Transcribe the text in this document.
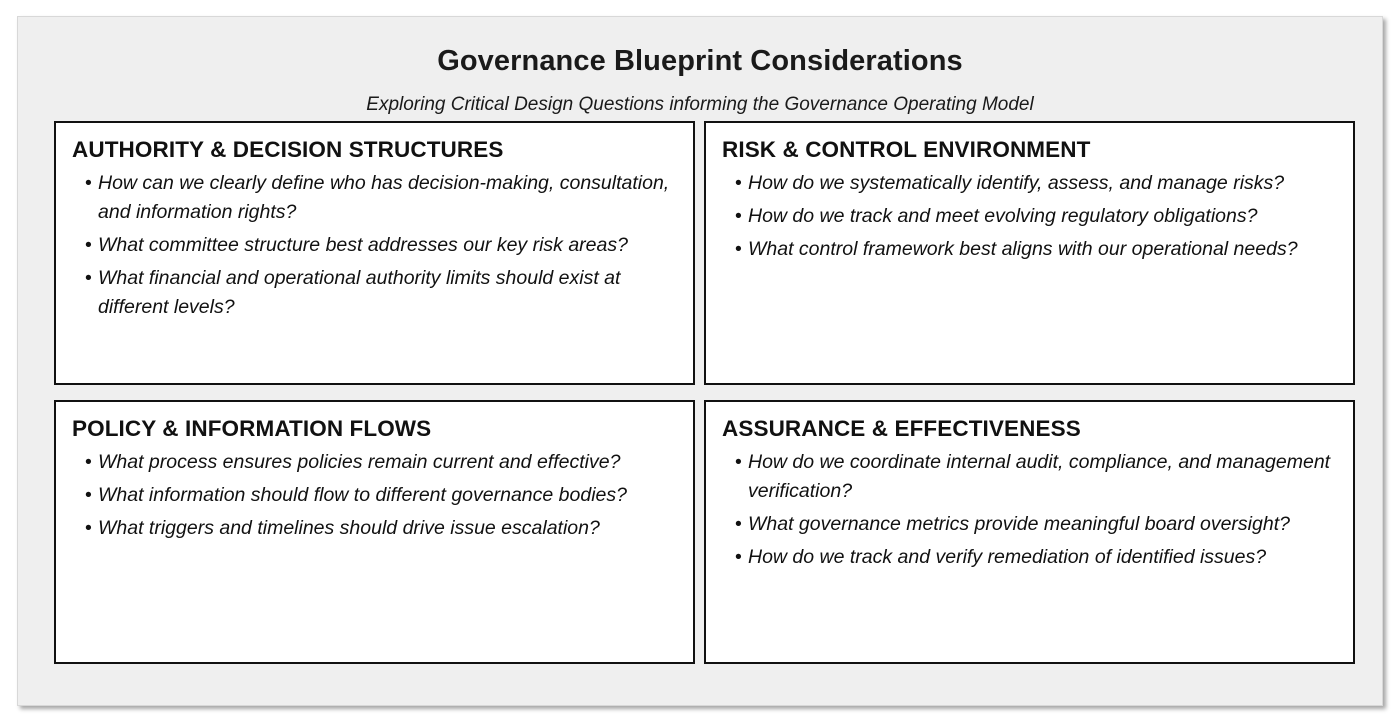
Governance Blueprint Considerations
Exploring Critical Design Questions informing the Governance Operating Model
AUTHORITY & DECISION STRUCTURES
• How can we clearly define who has decision-making, consultation, and information rights?
• What committee structure best addresses our key risk areas?
• What financial and operational authority limits should exist at different levels?
RISK & CONTROL ENVIRONMENT
• How do we systematically identify, assess, and manage risks?
• How do we track and meet evolving regulatory obligations?
• What control framework best aligns with our operational needs?
POLICY & INFORMATION FLOWS
• What process ensures policies remain current and effective?
• What information should flow to different governance bodies?
• What triggers and timelines should drive issue escalation?
ASSURANCE & EFFECTIVENESS
• How do we coordinate internal audit, compliance, and management verification?
• What governance metrics provide meaningful board oversight?
• How do we track and verify remediation of identified issues?
